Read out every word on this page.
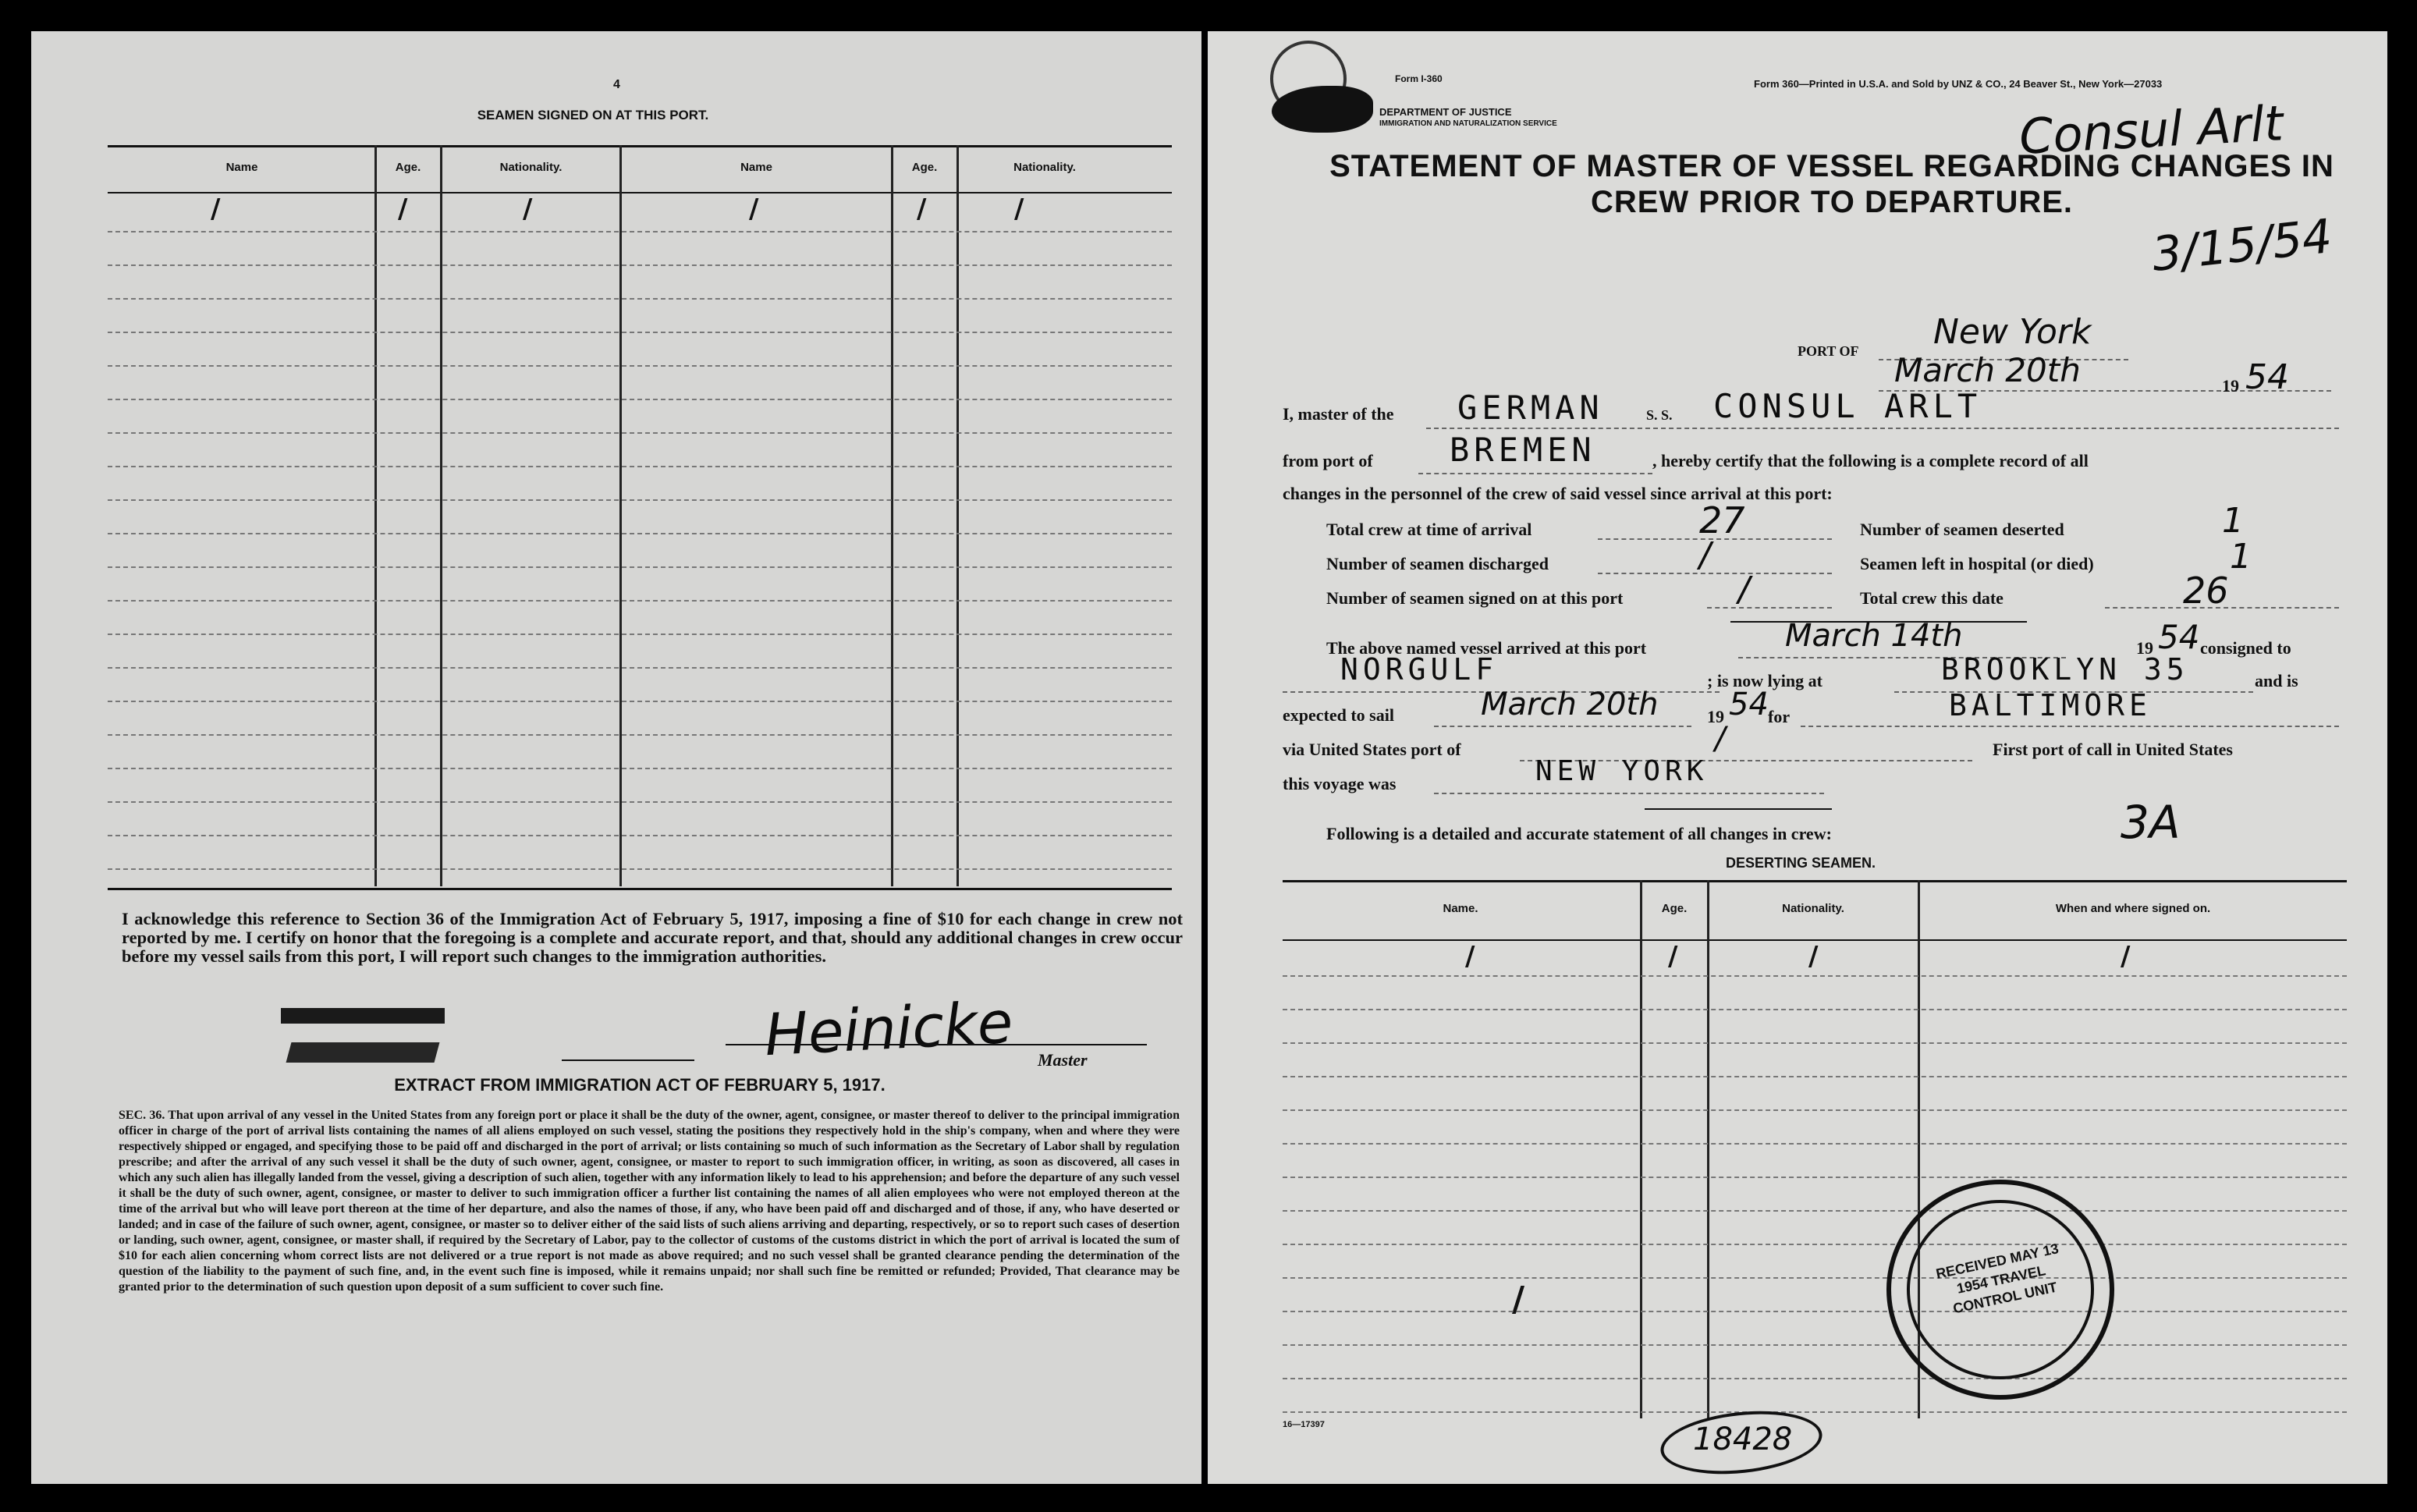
4
SEAMEN SIGNED ON AT THIS PORT.
Name	Age.	Nationality.	Name	Age.	Nationality.
/	/	/	/	/	/
I acknowledge this reference to Section 36 of the Immigration Act of February 5, 1917, imposing a fine of $10 for each change in crew not reported by me. I certify on honor that the foregoing is a complete and accurate report, and that, should any additional changes in crew occur before my vessel sails from this port, I will report such changes to the immigration authorities.
Heinicke Master
EXTRACT FROM IMMIGRATION ACT OF FEBRUARY 5, 1917.
SEC. 36. That upon arrival of any vessel in the United States from any foreign port or place it shall be the duty of the owner, agent, consignee, or master thereof to deliver to the principal immigration officer in charge of the port of arrival lists containing the names of all aliens employed on such vessel, stating the positions they respectively hold in the ship's company, when and where they were respectively shipped or engaged, and specifying those to be paid off and discharged in the port of arrival; or lists containing so much of such information as the Secretary of Labor shall by regulation prescribe; and after the arrival of any such vessel it shall be the duty of such owner, agent, consignee, or master to report to such immigration officer, in writing, as soon as discovered, all cases in which any such alien has illegally landed from the vessel, giving a description of such alien, together with any information likely to lead to his apprehension; and before the departure of any such vessel it shall be the duty of such owner, agent, consignee, or master to deliver to such immigration officer a further list containing the names of all alien employees who were not employed thereon at the time of the arrival but who will leave port thereon at the time of her departure, and also the names of those, if any, who have been paid off and discharged and of those, if any, who have deserted or landed; and in case of the failure of such owner, agent, consignee, or master so to deliver either of the said lists of such aliens arriving and departing, respectively, or so to report such cases of desertion or landing, such owner, agent, consignee, or master shall, if required by the Secretary of Labor, pay to the collector of customs of the customs district in which the port of arrival is located the sum of $10 for each alien concerning whom correct lists are not delivered or a true report is not made as above required; and no such vessel shall be granted clearance pending the determination of the question of the liability to the payment of such fine, and, in the event such fine is imposed, while it remains unpaid; nor shall such fine be remitted or refunded; Provided, That clearance may be granted prior to the determination of such question upon deposit of a sum sufficient to cover such fine.
Form I-360
DEPARTMENT OF JUSTICE
IMMIGRATION AND NATURALIZATION SERVICE
Form 360—Printed in U.S.A. and Sold by UNZ & CO., 24 Beaver St., New York—27033
Consul Arlt
3/15/54
STATEMENT OF MASTER OF VESSEL REGARDING CHANGES IN CREW PRIOR TO DEPARTURE.
PORT OF New York
March 20th	19 54
I, master of the GERMAN	S. S. CONSUL ARLT
from port of BREMEN	, hereby certify that the following is a complete record of all
changes in the personnel of the crew of said vessel since arrival at this port:
Total crew at time of arrival	27	Number of seamen deserted	1
Number of seamen discharged	/	Seamen left in hospital (or died)	1
Number of seamen signed on at this port	/	Total crew this date	26
The above named vessel arrived at this port	March 14th	19 54 consigned to
NORGULF	; is now lying at	BROOKLYN 35	and is
expected to sail	March 20th	19 54 for	BALTIMORE
via United States port of	/	First port of call in United States
this voyage was	NEW YORK
Following is a detailed and accurate statement of all changes in crew:	3A
DESERTING SEAMEN.
Name.	Age.	Nationality.	When and where signed on.
/	/	/	/
/
RECEIVED MAY 13 1954 TRAVEL CONTROL UNIT
16—17397	18428
